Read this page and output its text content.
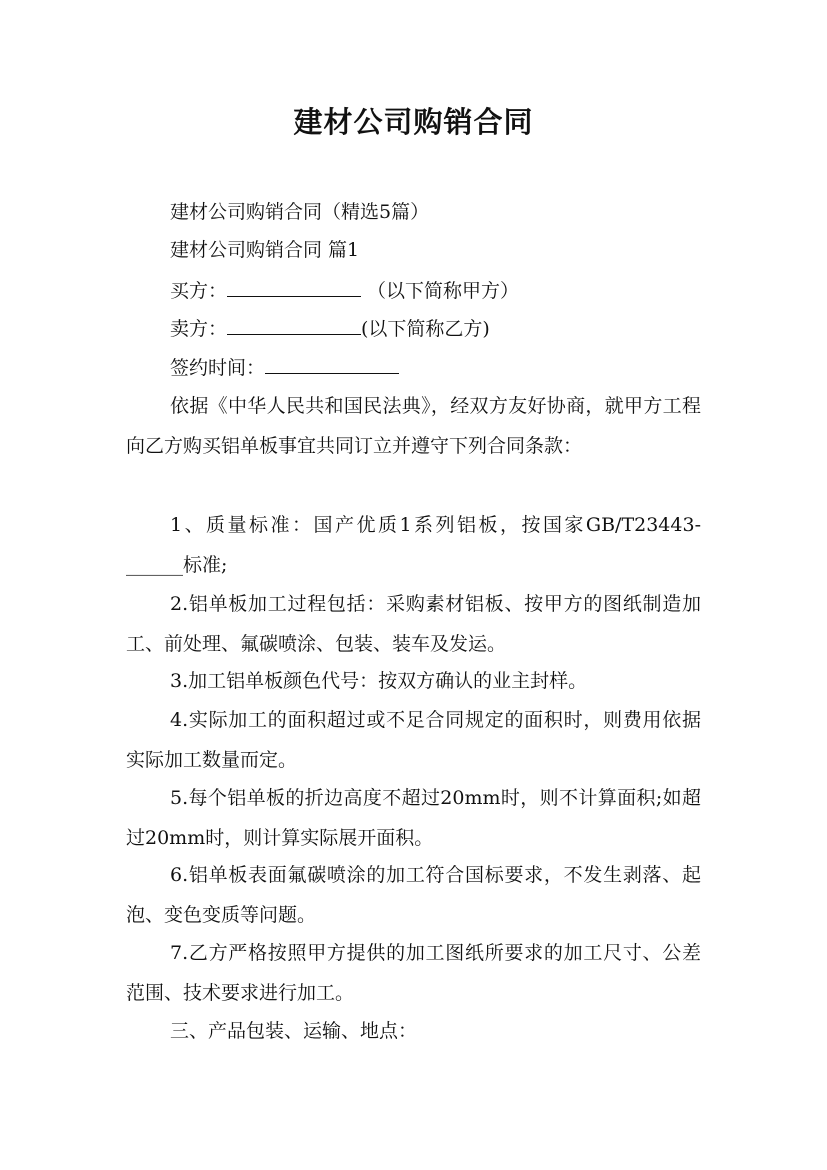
建材公司购销合同
建材公司购销合同（精选5篇）
建材公司购销合同 篇1
买方：	（以下简称甲方）
卖方：	(以下简称乙方)
签约时间：
依据《中华人民共和国民法典》，经双方友好协商，就甲方工程向乙方购买铝单板事宜共同订立并遵守下列合同条款：
1、质量标准：国产优质1系列铝板，按国家GB/T23443-______标准;
2.铝单板加工过程包括：采购素材铝板、按甲方的图纸制造加工、前处理、氟碳喷涂、包装、装车及发运。
3.加工铝单板颜色代号：按双方确认的业主封样。
4.实际加工的面积超过或不足合同规定的面积时，则费用依据实际加工数量而定。
5.每个铝单板的折边高度不超过20mm时，则不计算面积;如超过20mm时，则计算实际展开面积。
6.铝单板表面氟碳喷涂的加工符合国标要求，不发生剥落、起泡、变色变质等问题。
7.乙方严格按照甲方提供的加工图纸所要求的加工尺寸、公差范围、技术要求进行加工。
三、产品包装、运输、地点：
